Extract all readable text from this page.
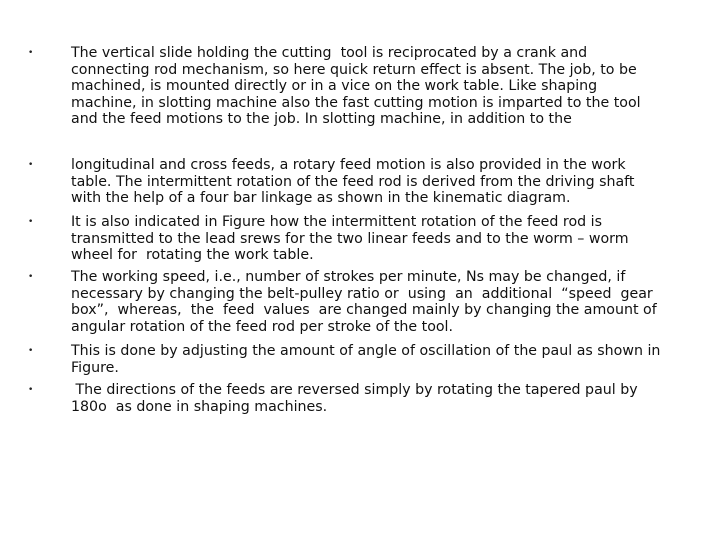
•	The vertical slide holding the cutting  tool is reciprocated by a crank and
connecting rod mechanism, so here quick return effect is absent. The job, to be
machined, is mounted directly or in a vice on the work table. Like shaping
machine, in slotting machine also the fast cutting motion is imparted to the tool
and the feed motions to the job. In slotting machine, in addition to the

•	longitudinal and cross feeds, a rotary feed motion is also provided in the work
table. The intermittent rotation of the feed rod is derived from the driving shaft
with the help of a four bar linkage as shown in the kinematic diagram.

•	It is also indicated in Figure how the intermittent rotation of the feed rod is
transmitted to the lead srews for the two linear feeds and to the worm – worm
wheel for  rotating the work table.

•	The working speed, i.e., number of strokes per minute, Ns may be changed, if
necessary by changing the belt-pulley ratio or  using  an  additional  “speed  gear
box”,  whereas,  the  feed  values  are changed mainly by changing the amount of
angular rotation of the feed rod per stroke of the tool.

•	This is done by adjusting the amount of angle of oscillation of the paul as shown in
Figure.

•	The directions of the feeds are reversed simply by rotating the tapered paul by
180o  as done in shaping machines.
